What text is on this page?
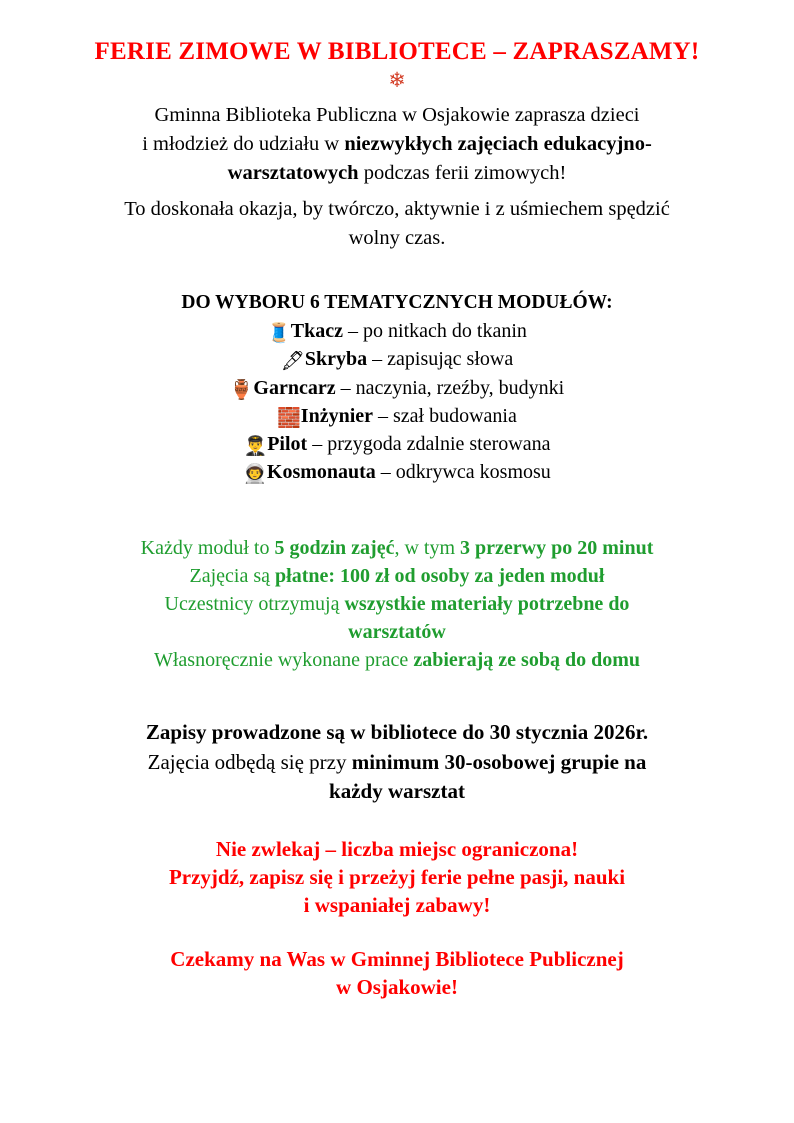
FERIE ZIMOWE W BIBLIOTECE – ZAPRASZAMY!
❄

Gminna Biblioteka Publiczna w Osjakowie zaprasza dzieci

i młodzież do udziału w niezwykłych zajęciach edukacyjno-

warsztatowych podczas ferii zimowych!

To doskonała okazja, by twórczo, aktywnie i z uśmiechem spędzić

wolny czas.

DO WYBORU 6 TEMATYCZNYCH MODUŁÓW:
🧵Tkacz – po nitkach do tkanin
🖋Skryba – zapisując słowa
🏺Garncarz – naczynia, rzeźby, budynki
🧱Inżynier – szał budowania
👨‍✈️Pilot – przygoda zdalnie sterowana
👨‍🚀Kosmonauta – odkrywca kosmosu

Każdy moduł to 5 godzin zajęć, w tym 3 przerwy po 20 minut

Zajęcia są płatne: 100 zł od osoby za jeden moduł

Uczestnicy otrzymują wszystkie materiały potrzebne do

warsztatów

Własnoręcznie wykonane prace zabierają ze sobą do domu

Zapisy prowadzone są w bibliotece do 30 stycznia 2026r.

Zajęcia odbędą się przy minimum 30-osobowej grupie na

każdy warsztat

Nie zwlekaj – liczba miejsc ograniczona!

Przyjdź, zapisz się i przeżyj ferie pełne pasji, nauki

i wspaniałej zabawy!

Czekamy na Was w Gminnej Bibliotece Publicznej

w Osjakowie!
